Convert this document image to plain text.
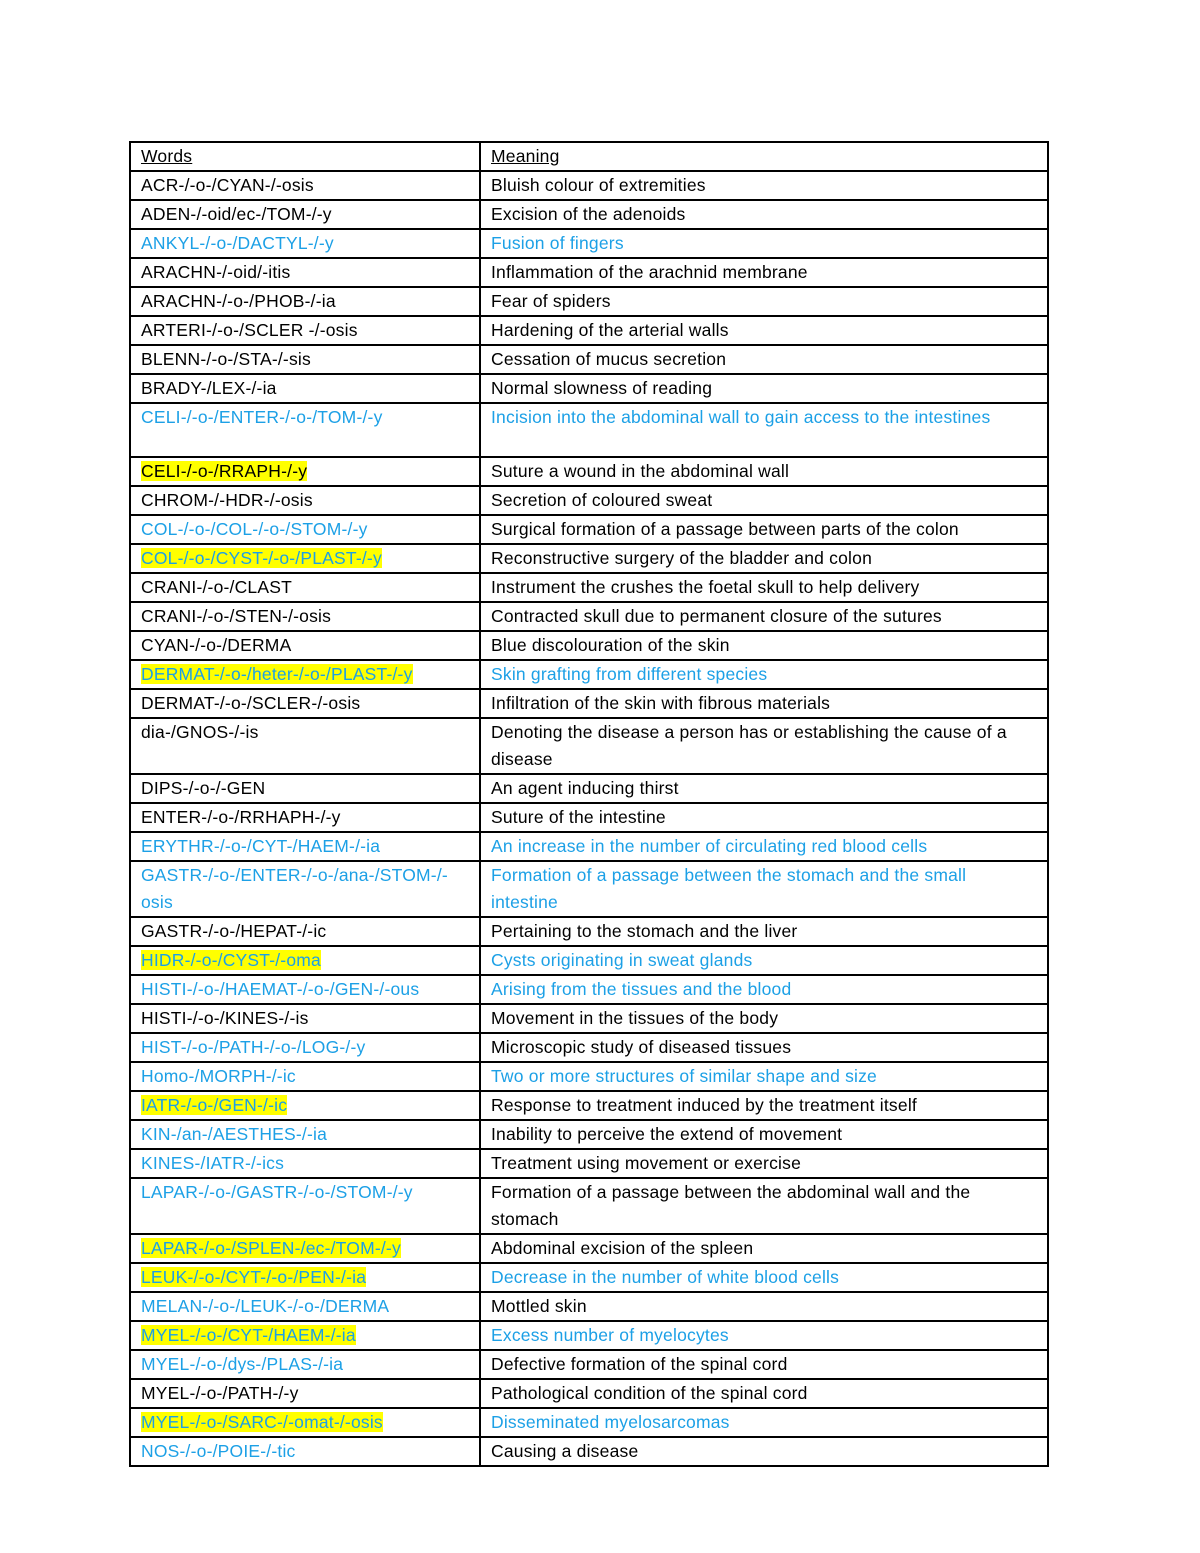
Words	Meaning
ACR-/-o-/CYAN-/-osis	Bluish colour of extremities
ADEN-/-oid/ec-/TOM-/-y	Excision of the adenoids
ANKYL-/-o-/DACTYL-/-y	Fusion of fingers
ARACHN-/-oid/-itis	Inflammation of the arachnid membrane
ARACHN-/-o-/PHOB-/-ia	Fear of spiders
ARTERI-/-o-/SCLER -/-osis	Hardening of the arterial walls
BLENN-/-o-/STA-/-sis	Cessation of mucus secretion
BRADY-/LEX-/-ia	Normal slowness of reading
CELI-/-o-/ENTER-/-o-/TOM-/-y	Incision into the abdominal wall to gain access to the intestines
CELI-/-o-/RRAPH-/-y	Suture a wound in the abdominal wall
CHROM-/-HDR-/-osis	Secretion of coloured sweat
COL-/-o-/COL-/-o-/STOM-/-y	Surgical formation of a passage between parts of the colon
COL-/-o-/CYST-/-o-/PLAST-/-y	Reconstructive surgery of the bladder and colon
CRANI-/-o-/CLAST	Instrument the crushes the foetal skull to help delivery
CRANI-/-o-/STEN-/-osis	Contracted skull due to permanent closure of the sutures
CYAN-/-o-/DERMA	Blue discolouration of the skin
DERMAT-/-o-/heter-/-o-/PLAST-/-y	Skin grafting from different species
DERMAT-/-o-/SCLER-/-osis	Infiltration of the skin with fibrous materials
dia-/GNOS-/-is	Denoting the disease a person has or establishing the cause of a disease
DIPS-/-o-/-GEN	An agent inducing thirst
ENTER-/-o-/RRHAPH-/-y	Suture of the intestine
ERYTHR-/-o-/CYT-/HAEM-/-ia	An increase in the number of circulating red blood cells
GASTR-/-o-/ENTER-/-o-/ana-/STOM-/-osis	Formation of a passage between the stomach and the small intestine
GASTR-/-o-/HEPAT-/-ic	Pertaining to the stomach and the liver
HIDR-/-o-/CYST-/-oma	Cysts originating in sweat glands
HISTI-/-o-/HAEMAT-/-o-/GEN-/-ous	Arising from the tissues and the blood
HISTI-/-o-/KINES-/-is	Movement in the tissues of the body
HIST-/-o-/PATH-/-o-/LOG-/-y	Microscopic study of diseased tissues
Homo-/MORPH-/-ic	Two or more structures of similar shape and size
IATR-/-o-/GEN-/-ic	Response to treatment induced by the treatment itself
KIN-/an-/AESTHES-/-ia	Inability to perceive the extend of movement
KINES-/IATR-/-ics	Treatment using movement or exercise
LAPAR-/-o-/GASTR-/-o-/STOM-/-y	Formation of a passage between the abdominal wall and the stomach
LAPAR-/-o-/SPLEN-/ec-/TOM-/-y	Abdominal excision of the spleen
LEUK-/-o-/CYT-/-o-/PEN-/-ia	Decrease in the number of white blood cells
MELAN-/-o-/LEUK-/-o-/DERMA	Mottled skin
MYEL-/-o-/CYT-/HAEM-/-ia	Excess number of myelocytes
MYEL-/-o-/dys-/PLAS-/-ia	Defective formation of the spinal cord
MYEL-/-o-/PATH-/-y	Pathological condition of the spinal cord
MYEL-/-o-/SARC-/-omat-/-osis	Disseminated myelosarcomas
NOS-/-o-/POIE-/-tic	Causing a disease
